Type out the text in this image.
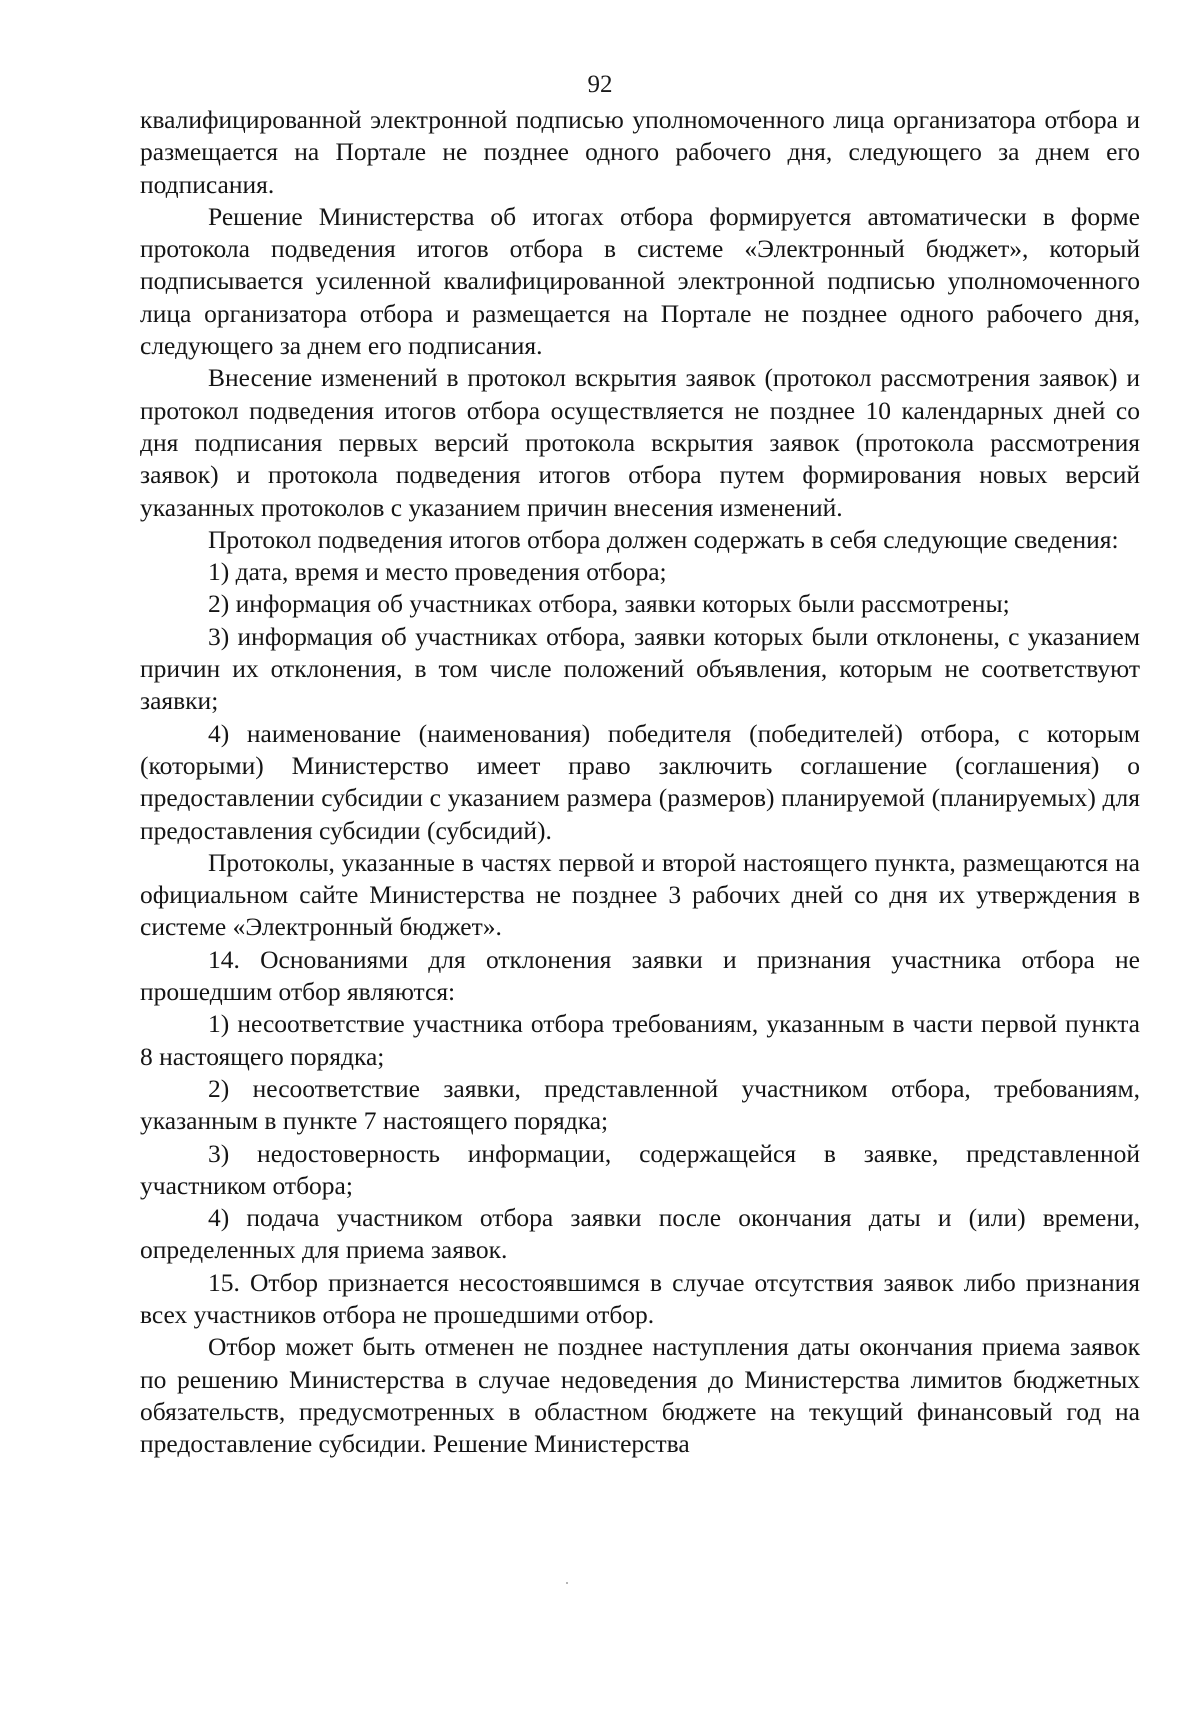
92

квалифицированной электронной подписью уполномоченного лица организатора отбора и размещается на Портале не позднее одного рабочего дня, следующего за днем его подписания.

Решение Министерства об итогах отбора формируется автоматически в форме протокола подведения итогов отбора в системе «Электронный бюджет», который подписывается усиленной квалифицированной электронной подписью уполномоченного лица организатора отбора и размещается на Портале не позднее одного рабочего дня, следующего за днем его подписания.

Внесение изменений в протокол вскрытия заявок (протокол рассмотрения заявок) и протокол подведения итогов отбора осуществляется не позднее 10 календарных дней со дня подписания первых версий протокола вскрытия заявок (протокола рассмотрения заявок) и протокола подведения итогов отбора путем формирования новых версий указанных протоколов с указанием причин внесения изменений.

Протокол подведения итогов отбора должен содержать в себя следующие сведения:

1) дата, время и место проведения отбора;

2) информация об участниках отбора, заявки которых были рассмотрены;

3) информация об участниках отбора, заявки которых были отклонены, с указанием причин их отклонения, в том числе положений объявления, которым не соответствуют заявки;

4) наименование (наименования) победителя (победителей) отбора, с которым (которыми) Министерство имеет право заключить соглашение (соглашения) о предоставлении субсидии с указанием размера (размеров) планируемой (планируемых) для предоставления субсидии (субсидий).

Протоколы, указанные в частях первой и второй настоящего пункта, размещаются на официальном сайте Министерства не позднее 3 рабочих дней со дня их утверждения в системе «Электронный бюджет».

14. Основаниями для отклонения заявки и признания участника отбора не прошедшим отбор являются:

1) несоответствие участника отбора требованиям, указанным в части первой пункта 8 настоящего порядка;

2) несоответствие заявки, представленной участником отбора, требованиям, указанным в пункте 7 настоящего порядка;

3) недостоверность информации, содержащейся в заявке, представленной участником отбора;

4) подача участником отбора заявки после окончания даты и (или) времени, определенных для приема заявок.

15. Отбор признается несостоявшимся в случае отсутствия заявок либо признания всех участников отбора не прошедшими отбор.

Отбор может быть отменен не позднее наступления даты окончания приема заявок по решению Министерства в случае недоведения до Министерства лимитов бюджетных обязательств, предусмотренных в областном бюджете на текущий финансовый год на предоставление субсидии. Решение Министерства
